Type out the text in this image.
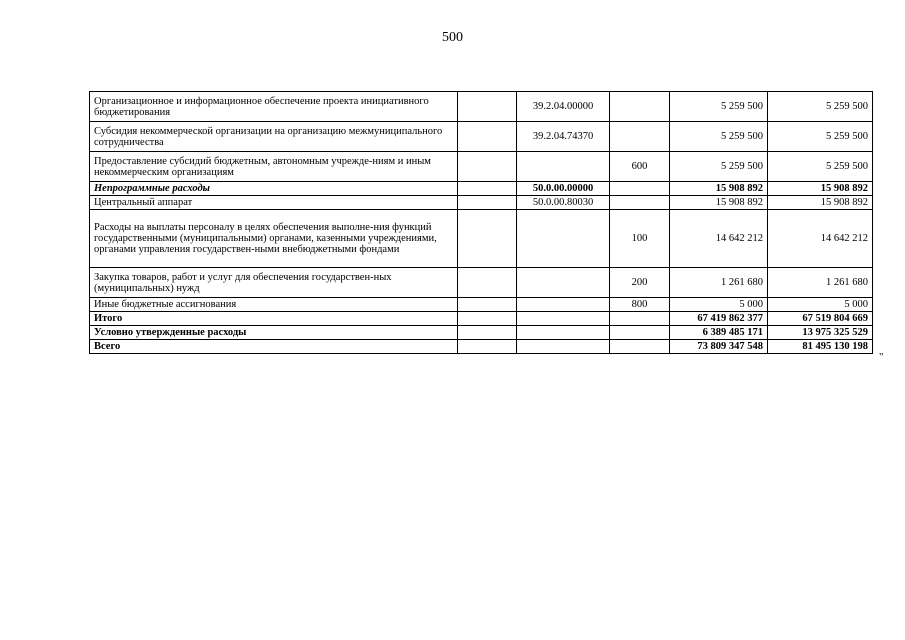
500
Организационное и информационное обеспечение проекта инициативного бюджетирования		39.2.04.00000		5 259 500	5 259 500
Субсидия некоммерческой организации на организацию межмуниципального сотрудничества		39.2.04.74370		5 259 500	5 259 500
Предоставление субсидий бюджетным, автономным учрежде-ниям и иным некоммерческим организациям			600	5 259 500	5 259 500
Непрограммные расходы		50.0.00.00000		15 908 892	15 908 892
Центральный аппарат		50.0.00.80030		15 908 892	15 908 892
Расходы на выплаты персоналу в целях обеспечения выполне-ния функций государственными (муниципальными) органами, казенными учреждениями, органами управления государствен-ными внебюджетными фондами			100	14 642 212	14 642 212
Закупка товаров, работ и услуг для обеспечения государствен-ных (муниципальных) нужд			200	1 261 680	1 261 680
Иные бюджетные ассигнования			800	5 000	5 000
Итого				67 419 862 377	67 519 804 669
Условно утвержденные расходы				6 389 485 171	13 975 325 529
Всего				73 809 347 548	81 495 130 198
"
